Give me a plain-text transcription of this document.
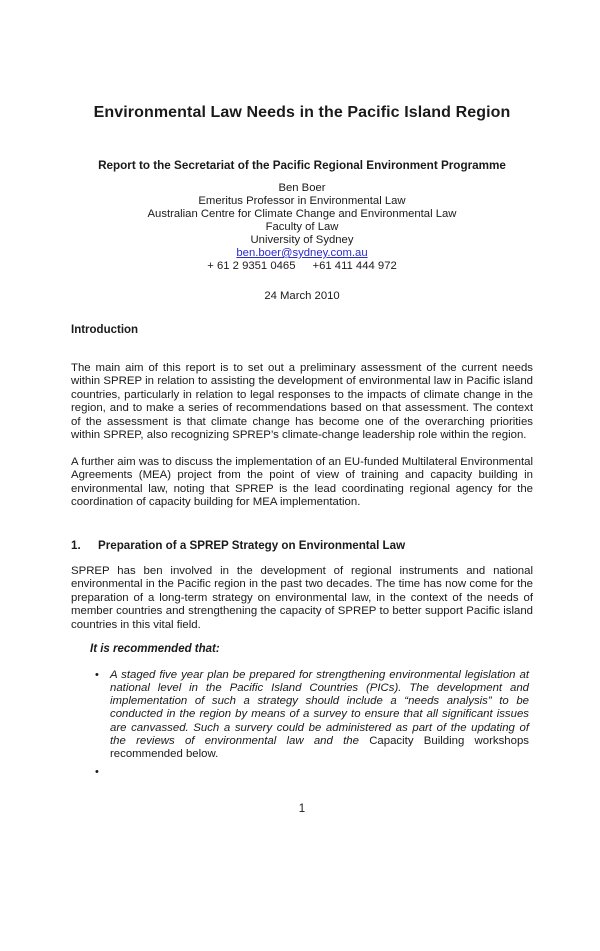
Environmental Law Needs in the Pacific Island Region
Report to the Secretariat of the Pacific Regional Environment Programme
Ben Boer
Emeritus Professor in Environmental Law
Australian Centre for Climate Change and Environmental Law
Faculty of Law
University of Sydney
ben.boer@sydney.com.au
+ 61 2 9351 0465 +61 411 444 972
24 March 2010
Introduction

The main aim of this report is to set out a preliminary assessment of the current needs within SPREP in relation to assisting the development of environmental law in Pacific island countries, particularly in relation to legal responses to the impacts of climate change in the region, and to make a series of recommendations based on that assessment. The context of the assessment is that climate change has become one of the overarching priorities within SPREP, also recognizing SPREP’s climate-change leadership role within the region.

A further aim was to discuss the implementation of an EU-funded Multilateral Environmental Agreements (MEA) project from the point of view of training and capacity building in environmental law, noting that SPREP is the lead coordinating regional agency for the coordination of capacity building for MEA implementation.

1.	Preparation of a SPREP Strategy on Environmental Law

SPREP has ben involved in the development of regional instruments and national environmental in the Pacific region in the past two decades. The time has now come for the preparation of a long-term strategy on environmental law, in the context of the needs of member countries and strengthening the capacity of SPREP to better support Pacific island countries in this vital field.

It is recommended that:
• A staged five year plan be prepared for strengthening environmental legislation at national level in the Pacific Island Countries (PICs). The development and implementation of such a strategy should include a “needs analysis” to be conducted in the region by means of a survey to ensure that all significant issues are canvassed. Such a survery could be administered as part of the updating of the reviews of environmental law and the Capacity Building workshops recommended below.
•
1
